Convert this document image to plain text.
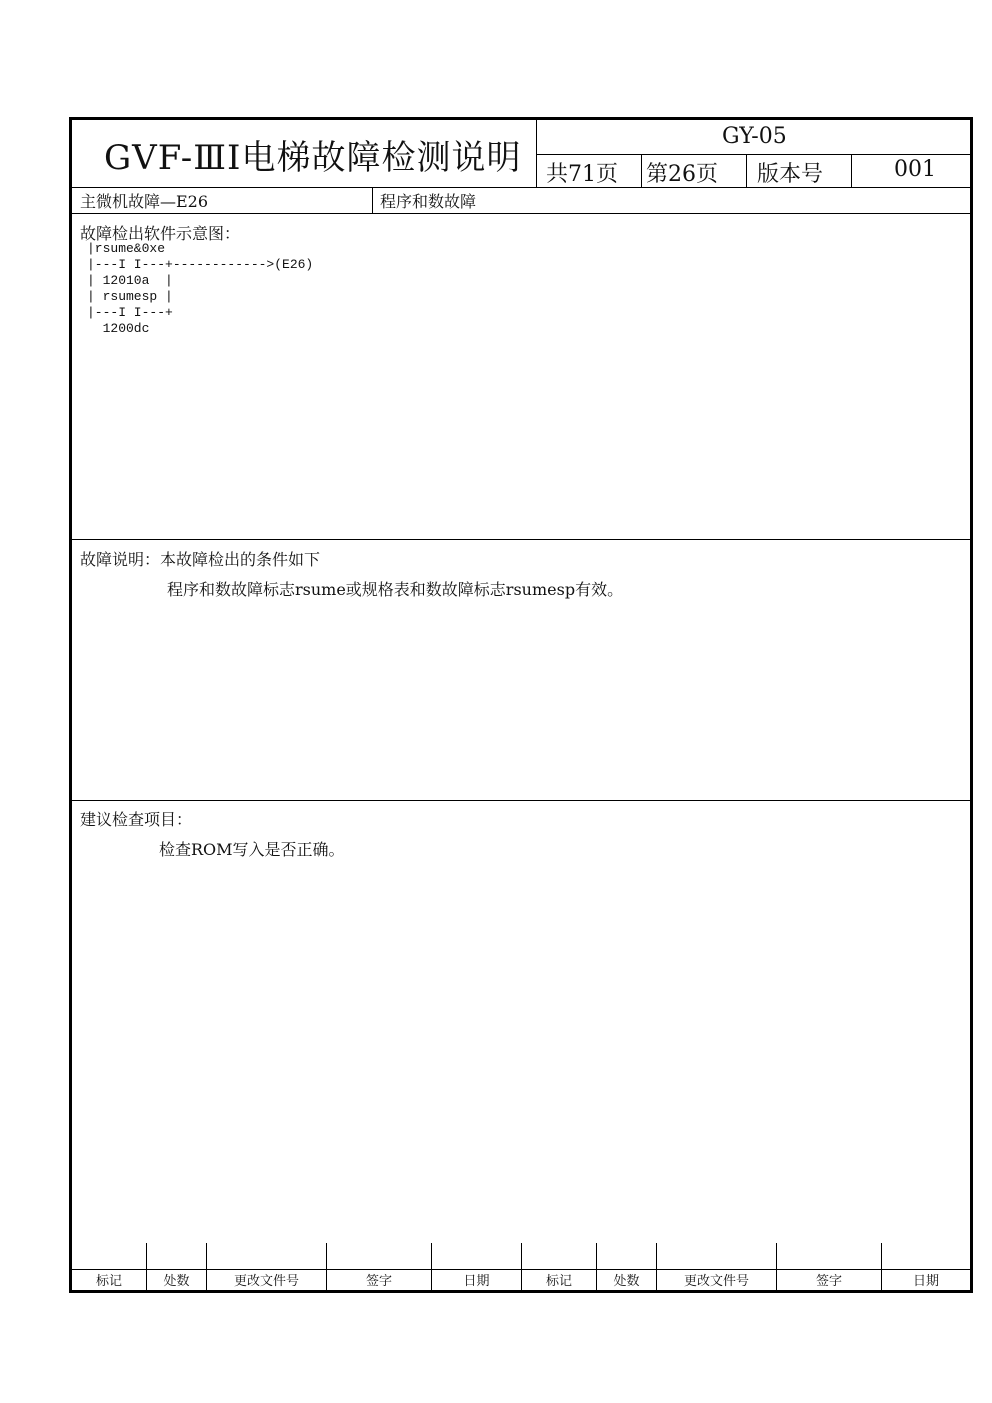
GVF-ⅢI电梯故障检测说明
GY-05
共71页 第26页 版本号	001
主微机故障—E26	程序和数故障
故障检出软件示意图：
|rsume&0xe
|---I I---+------------>(E26)
| 12010a  |
| rsumesp |
|---I I---+
1200dc
故障说明：本故障检出的条件如下
程序和数故障标志rsume或规格表和数故障标志rsumesp有效。
建议检查项目：
检查ROM写入是否正确。
标记	处数	更改文件号	签字	日期	标记	处数	更改文件号	签字	日期
